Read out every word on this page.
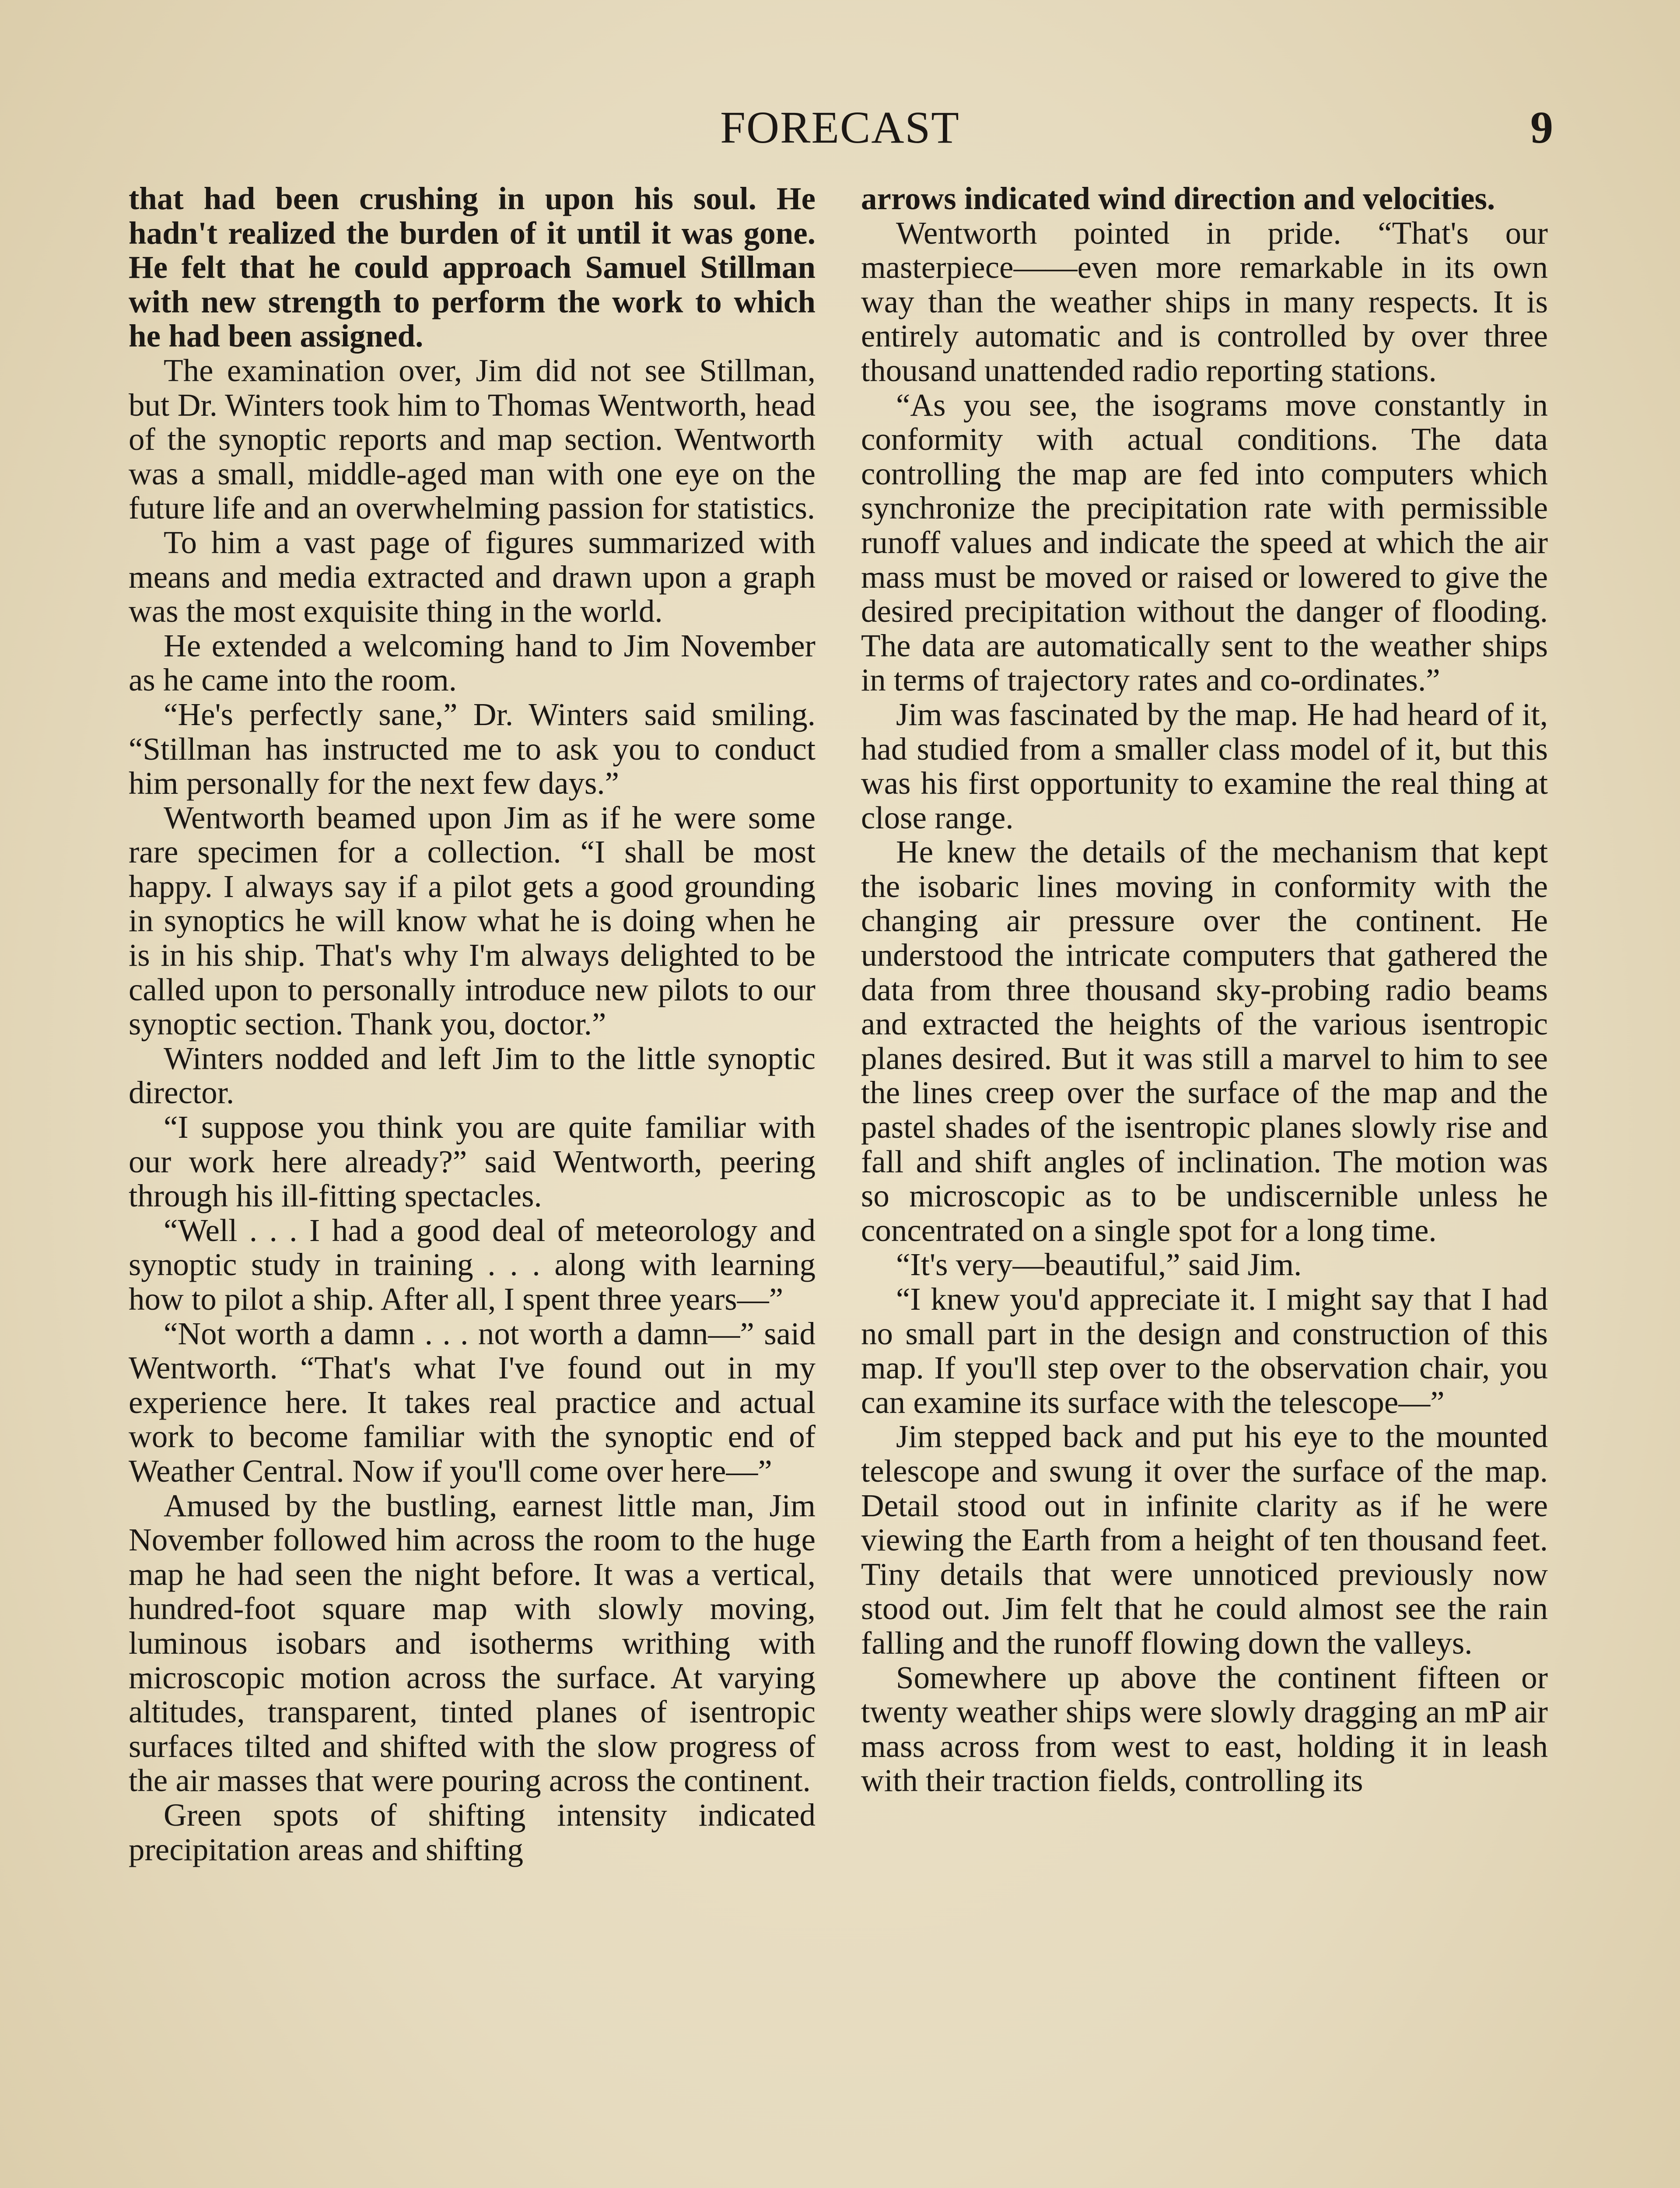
FORECAST	9

that had been crushing in upon his soul. He hadn't realized the burden of it until it was gone. He felt that he could approach Samuel Stillman with new strength to perform the work to which he had been assigned.

The examination over, Jim did not see Stillman, but Dr. Winters took him to Thomas Wentworth, head of the synoptic reports and map section. Wentworth was a small, middle-aged man with one eye on the future life and an overwhelming passion for statistics.

To him a vast page of figures summarized with means and media extracted and drawn upon a graph was the most exquisite thing in the world.

He extended a welcoming hand to Jim November as he came into the room.

“He's perfectly sane,” Dr. Winters said smiling. “Stillman has instructed me to ask you to conduct him personally for the next few days.”

Wentworth beamed upon Jim as if he were some rare specimen for a collection. “I shall be most happy. I always say if a pilot gets a good grounding in synoptics he will know what he is doing when he is in his ship. That's why I'm always delighted to be called upon to personally introduce new pilots to our synoptic section. Thank you, doctor.”

Winters nodded and left Jim to the little synoptic director.

“I suppose you think you are quite familiar with our work here already?” said Wentworth, peering through his ill-fitting spectacles.

“Well . . . I had a good deal of meteorology and synoptic study in training . . . along with learning how to pilot a ship. After all, I spent three years—”

“Not worth a damn . . . not worth a damn—” said Wentworth. “That's what I've found out in my experience here. It takes real practice and actual work to become familiar with the synoptic end of Weather Central. Now if you'll come over here—”

Amused by the bustling, earnest little man, Jim November followed him across the room to the huge map he had seen the night before. It was a vertical, hundred-foot square map with slowly moving, luminous isobars and isotherms writhing with microscopic motion across the surface. At varying altitudes, transparent, tinted planes of isentropic surfaces tilted and shifted with the slow progress of the air masses that were pouring across the continent.

Green spots of shifting intensity indicated precipitation areas and shifting

arrows indicated wind direction and velocities.

Wentworth pointed in pride. “That's our masterpiece——even more remarkable in its own way than the weather ships in many respects. It is entirely automatic and is controlled by over three thousand unattended radio reporting stations.

“As you see, the isograms move constantly in conformity with actual conditions. The data controlling the map are fed into computers which synchronize the precipitation rate with permissible runoff values and indicate the speed at which the air mass must be moved or raised or lowered to give the desired precipitation without the danger of flooding. The data are automatically sent to the weather ships in terms of trajectory rates and co-ordinates.”

Jim was fascinated by the map. He had heard of it, had studied from a smaller class model of it, but this was his first opportunity to examine the real thing at close range.

He knew the details of the mechanism that kept the isobaric lines moving in conformity with the changing air pressure over the continent. He understood the intricate computers that gathered the data from three thousand sky-probing radio beams and extracted the heights of the various isentropic planes desired. But it was still a marvel to him to see the lines creep over the surface of the map and the pastel shades of the isentropic planes slowly rise and fall and shift angles of inclination. The motion was so microscopic as to be undiscernible unless he concentrated on a single spot for a long time.

“It's very—beautiful,” said Jim.

“I knew you'd appreciate it. I might say that I had no small part in the design and construction of this map. If you'll step over to the observation chair, you can examine its surface with the telescope—”

Jim stepped back and put his eye to the mounted telescope and swung it over the surface of the map. Detail stood out in infinite clarity as if he were viewing the Earth from a height of ten thousand feet. Tiny details that were unnoticed previously now stood out. Jim felt that he could almost see the rain falling and the runoff flowing down the valleys.

Somewhere up above the continent fifteen or twenty weather ships were slowly dragging an mP air mass across from west to east, holding it in leash with their traction fields, controlling its
